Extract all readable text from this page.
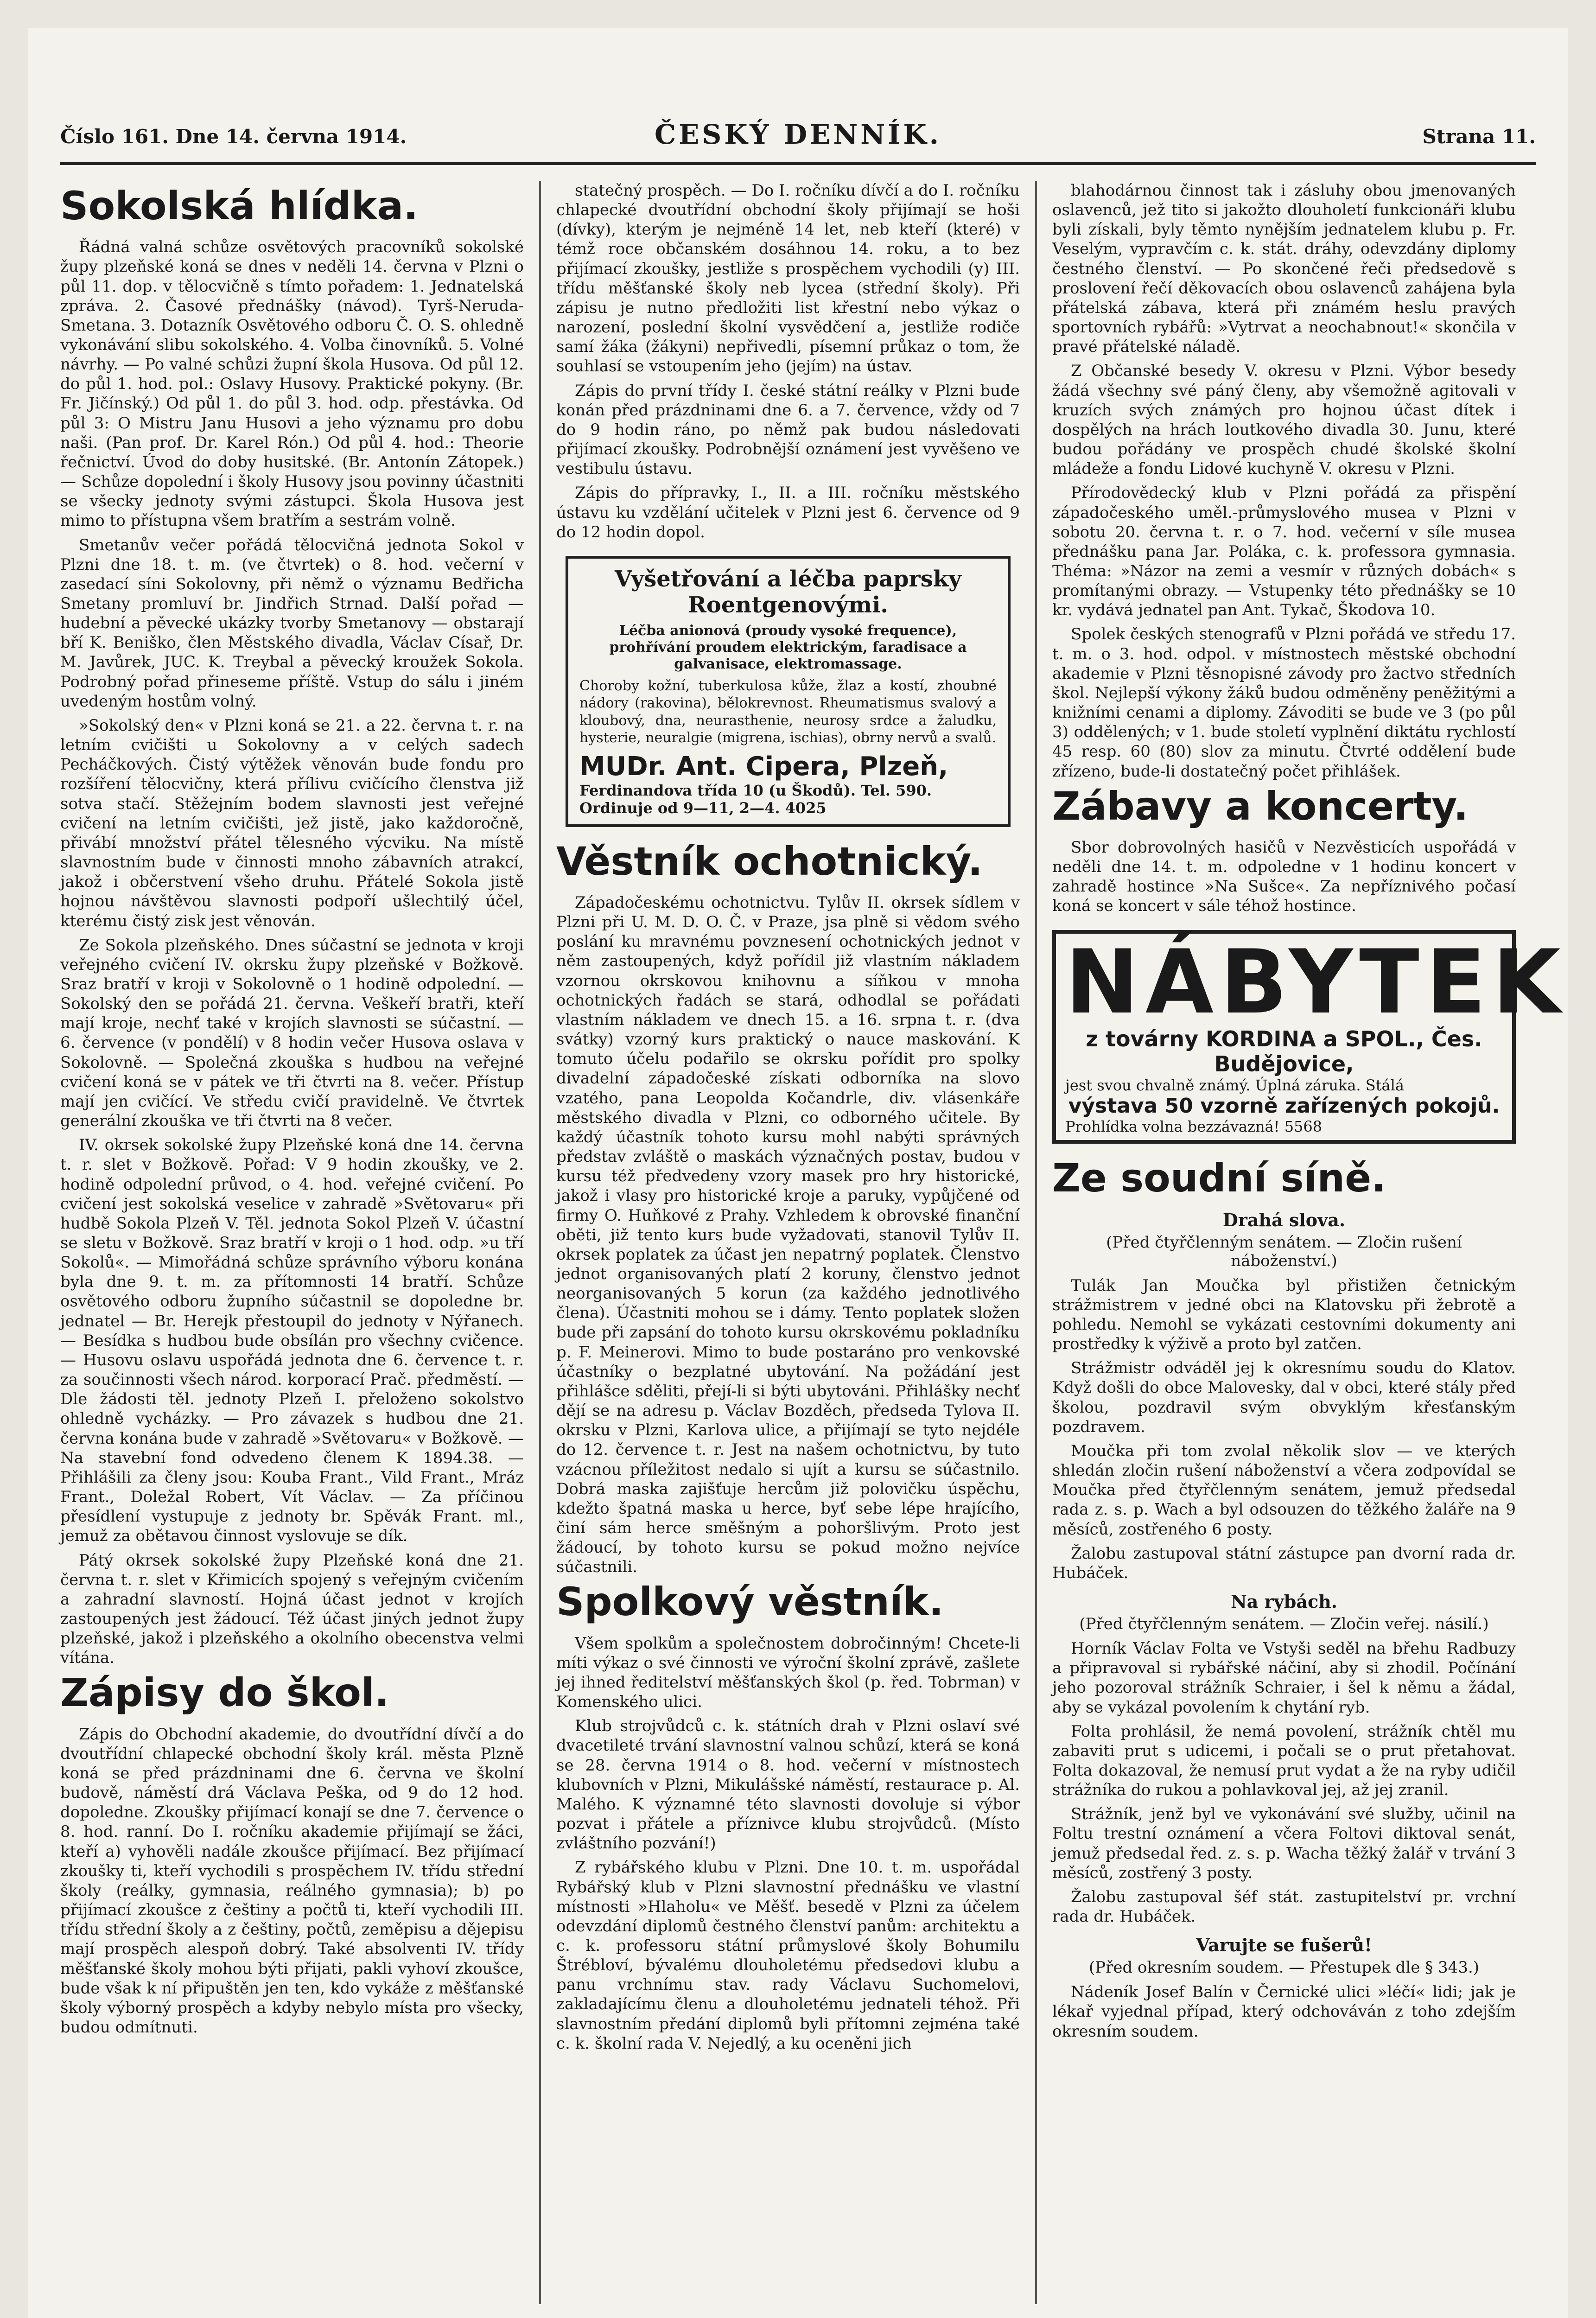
Číslo 161. Dne 14. června 1914.	ČESKÝ DENNÍK.	Strana 11.
Sokolská hlídka.

Řádná valná schůze osvětových pracovníků sokolské župy plzeňské koná se dnes v neděli 14. června v Plzni o půl 11. dop. v tělocvičně s tímto pořadem: 1. Jednatelská zpráva. 2. Časové přednášky (návod). Tyrš-Neruda-Smetana. 3. Dotazník Osvětového odboru Č. O. S. ohledně vykonávání slibu sokolského. 4. Volba činovníků. 5. Volné návrhy. — Po valné schůzi župní škola Husova. Od půl 12. do půl 1. hod. pol.: Oslavy Husovy. Praktické pokyny. (Br. Fr. Jičínský.) Od půl 1. do půl 3. hod. odp. přestávka. Od půl 3: O Mistru Janu Husovi a jeho významu pro dobu naši. (Pan prof. Dr. Karel Rón.) Od půl 4. hod.: Theorie řečnictví. Úvod do doby husitské. (Br. Antonín Zátopek.) — Schůze dopolední i školy Husovy jsou povinny účastniti se všecky jednoty svými zástupci. Škola Husova jest mimo to přístupna všem bratřím a sestrám volně.

Smetanův večer pořádá tělocvičná jednota Sokol v Plzni dne 18. t. m. (ve čtvrtek) o 8. hod. večerní v zasedací síni Sokolovny, při němž o významu Bedřicha Smetany promluví br. Jindřich Strnad. Další pořad — hudební a pěvecké ukázky tvorby Smetanovy — obstarají bří K. Beniško, člen Městského divadla, Václav Císař, Dr. M. Javůrek, JUC. K. Treybal a pěvecký kroužek Sokola. Podrobný pořad přineseme příště. Vstup do sálu i jiném uvedeným hostům volný.

»Sokolský den« v Plzni koná se 21. a 22. června t. r. na letním cvičišti u Sokolovny a v celých sadech Pecháčkových. Čistý výtěžek věnován bude fondu pro rozšíření tělocvičny, která přílivu cvičícího členstva již sotva stačí. Stěžejním bodem slavnosti jest veřejné cvičení na letním cvičišti, jež jistě, jako každoročně, přivábí množství přátel tělesného výcviku. Na místě slavnostním bude v činnosti mnoho zábavních atrakcí, jakož i občerstvení všeho druhu. Přátelé Sokola jistě hojnou návštěvou slavnosti podpoří ušlechtilý účel, kterému čistý zisk jest věnován.

Ze Sokola plzeňského. Dnes súčastní se jednota v kroji veřejného cvičení IV. okrsku župy plzeňské v Božkově. Sraz bratří v kroji v Sokolovně o 1 hodině odpolední. — Sokolský den se pořádá 21. června. Veškeří bratři, kteří mají kroje, nechť také v krojích slavnosti se súčastní. — 6. července (v pondělí) v 8 hodin večer Husova oslava v Sokolovně. — Společná zkouška s hudbou na veřejné cvičení koná se v pátek ve tři čtvrti na 8. večer. Přístup mají jen cvičící. Ve středu cvičí pravidelně. Ve čtvrtek generální zkouška ve tři čtvrti na 8 večer.

IV. okrsek sokolské župy Plzeňské koná dne 14. června t. r. slet v Božkově. Pořad: V 9 hodin zkoušky, ve 2. hodině odpolední průvod, o 4. hod. veřejné cvičení. Po cvičení jest sokolská veselice v zahradě »Světovaru« při hudbě Sokola Plzeň V. Těl. jednota Sokol Plzeň V. účastní se sletu v Božkově. Sraz bratří v kroji o 1 hod. odp. »u tří Sokolů«. — Mimořádná schůze správního výboru konána byla dne 9. t. m. za přítomnosti 14 bratří. Schůze osvětového odboru župního súčastnil se dopoledne br. jednatel — Br. Herejk přestoupil do jednoty v Nýřanech. — Besídka s hudbou bude obsílán pro všechny cvičence. — Husovu oslavu uspořádá jednota dne 6. července t. r. za součinnosti všech národ. korporací Prač. předměstí. — Dle žádosti těl. jednoty Plzeň I. přeloženo sokolstvo ohledně vycházky. — Pro závazek s hudbou dne 21. června konána bude v zahradě »Světovaru« v Božkově. — Na stavební fond odvedeno členem K 1894.38. — Přihlášili za členy jsou: Kouba Frant., Vild Frant., Mráz Frant., Doležal Robert, Vít Václav. — Za příčinou přesídlení vystupuje z jednoty br. Spěvák Frant. ml., jemuž za obětavou činnost vyslovuje se dík.

Pátý okrsek sokolské župy Plzeňské koná dne 21. června t. r. slet v Křimicích spojený s veřejným cvičením a zahradní slavností. Hojná účast jednot v krojích zastoupených jest žádoucí. Též účast jiných jednot župy plzeňské, jakož i plzeňského a okolního obecenstva velmi vítána.

Zápisy do škol.

Zápis do Obchodní akademie, do dvoutřídní dívčí a do dvoutřídní chlapecké obchodní školy král. města Plzně koná se před prázdninami dne 6. června ve školní budově, náměstí drá Václava Peška, od 9 do 12 hod. dopoledne. Zkoušky přijímací konají se dne 7. července o 8. hod. ranní. Do I. ročníku akademie přijímají se žáci, kteří a) vyhověli nadále zkoušce přijímací. Bez přijímací zkoušky ti, kteří vychodili s prospěchem IV. třídu střední školy (reálky, gymnasia, reálného gymnasia); b) po přijímací zkoušce z češtiny a počtů ti, kteří vychodili III. třídu střední školy a z češtiny, počtů, zeměpisu a dějepisu mají prospěch alespoň dobrý. Také absolventi IV. třídy měšťanské školy mohou býti přijati, pakli vyhoví zkoušce, bude však k ní připuštěn jen ten, kdo vykáže z měšťanské školy výborný prospěch a kdyby nebylo místa pro všecky, budou odmítnuti.

statečný prospěch. — Do I. ročníku dívčí a do I. ročníku chlapecké dvoutřídní obchodní školy přijímají se hoši (dívky), kterým je nejméně 14 let, neb kteří (které) v témž roce občanském dosáhnou 14. roku, a to bez přijímací zkoušky, jestliže s prospěchem vychodili (y) III. třídu měšťanské školy neb lycea (střední školy). Při zápisu je nutno předložiti list křestní nebo výkaz o narození, poslední školní vysvědčení a, jestliže rodiče samí žáka (žákyni) nepřivedli, písemní průkaz o tom, že souhlasí se vstoupením jeho (jejím) na ústav.

Zápis do první třídy I. české státní reálky v Plzni bude konán před prázdninami dne 6. a 7. července, vždy od 7 do 9 hodin ráno, po němž pak budou následovati přijímací zkoušky. Podrobnější oznámení jest vyvěšeno ve vestibulu ústavu.

Zápis do přípravky, I., II. a III. ročníku městského ústavu ku vzdělání učitelek v Plzni jest 6. července od 9 do 12 hodin dopol.

Vyšetřování a léčba paprsky Roentgenovými.
Léčba anionová (proudy vysoké frequence), prohřívání proudem elektrickým, faradisace a galvanisace, elektromassage.
Choroby kožní, tuberkulosa kůže, žlaz a kostí, zhoubné nádory (rakovina), bělokrevnost. Rheumatismus svalový a kloubový, dna, neurasthenie, neurosy srdce a žaludku, hysterie, neuralgie (migrena, ischias), obrny nervů a svalů.
MUDr. Ant. Cipera, Plzeň,
Ferdinandova třída 10 (u Škodů). Tel. 590.
Ordinuje od 9—11, 2—4. 4025
Věstník ochotnický.

Západočeskému ochotnictvu. Tylův II. okrsek sídlem v Plzni při U. M. D. O. Č. v Praze, jsa plně si vědom svého poslání ku mravnému povznesení ochotnických jednot v něm zastoupených, když pořídil již vlastním nákladem vzornou okrskovou knihovnu a síňkou v mnoha ochotnických řadách se stará, odhodlal se pořádati vlastním nákladem ve dnech 15. a 16. srpna t. r. (dva svátky) vzorný kurs praktický o nauce maskování. K tomuto účelu podařilo se okrsku pořídit pro spolky divadelní západočeské získati odborníka na slovo vzatého, pana Leopolda Kočandrle, div. vlásenkáře městského divadla v Plzni, co odborného učitele. By každý účastník tohoto kursu mohl nabýti správných představ zvláště o maskách význačných postav, budou v kursu též předvedeny vzory masek pro hry historické, jakož i vlasy pro historické kroje a paruky, vypůjčené od firmy O. Huňkové z Prahy. Vzhledem k obrovské finanční oběti, již tento kurs bude vyžadovati, stanovil Tylův II. okrsek poplatek za účast jen nepatrný poplatek. Členstvo jednot organisovaných platí 2 koruny, členstvo jednot neorganisovaných 5 korun (za každého jednotlivého člena). Účastniti mohou se i dámy. Tento poplatek složen bude při zapsání do tohoto kursu okrskovému pokladníku p. F. Meinerovi. Mimo to bude postaráno pro venkovské účastníky o bezplatné ubytování. Na požádání jest přihlášce sděliti, přejí-li si býti ubytováni. Přihlášky nechť dějí se na adresu p. Václav Bozděch, předseda Tylova II. okrsku v Plzni, Karlova ulice, a přijímají se tyto nejdéle do 12. července t. r. Jest na našem ochotnictvu, by tuto vzácnou příležitost nedalo si ujít a kursu se súčastnilo. Dobrá maska zajišťuje hercům již polovičku úspěchu, kdežto špatná maska u herce, byť sebe lépe hrajícího, činí sám herce směšným a pohoršlivým. Proto jest žádoucí, by tohoto kursu se pokud možno nejvíce súčastnili.

Spolkový věstník.

Všem spolkům a společnostem dobročinným! Chcete-li míti výkaz o své činnosti ve výroční školní zprávě, zašlete jej ihned ředitelství měšťanských škol (p. řed. Tobrman) v Komenského ulici.

Klub strojvůdců c. k. státních drah v Plzni oslaví své dvacetileté trvání slavnostní valnou schůzí, která se koná se 28. června 1914 o 8. hod. večerní v místnostech klubovních v Plzni, Mikulášské náměstí, restaurace p. Al. Malého. K významné této slavnosti dovoluje si výbor pozvat i přátele a příznivce klubu strojvůdců. (Místo zvláštního pozvání!)

Z rybářského klubu v Plzni. Dne 10. t. m. uspořádal Rybářský klub v Plzni slavnostní přednášku ve vlastní místnosti »Hlaholu« ve Měšť. besedě v Plzni za účelem odevzdání diplomů čestného členství panům: architektu a c. k. professoru státní průmyslové školy Bohumilu Štrébloví, bývalému dlouholetému předsedovi klubu a panu vrchnímu stav. rady Václavu Suchomelovi, zakladajícímu členu a dlouholetému jednateli téhož. Při slavnostním předání diplomů byli přítomni zejména také c. k. školní rada V. Nejedlý, a ku oceněni jich

blahodárnou činnost tak i zásluhy obou jmenovaných oslavenců, jež tito si jakožto dlouholetí funkcionáři klubu byli získali, byly těmto nynějším jednatelem klubu p. Fr. Veselým, vypravčím c. k. stát. dráhy, odevzdány diplomy čestného členství. — Po skončené řeči předsedově s proslovení řečí děkovacích obou oslavenců zahájena byla přátelská zábava, která při známém heslu pravých sportovních rybářů: »Vytrvat a neochabnout!« skončila v pravé přátelské náladě.

Z Občanské besedy V. okresu v Plzni. Výbor besedy žádá všechny své páný členy, aby všemožně agitovali v kruzích svých známých pro hojnou účast dítek i dospělých na hrách loutkového divadla 30. Junu, které budou pořádány ve prospěch chudé školské školní mládeže a fondu Lidové kuchyně V. okresu v Plzni.

Přírodovědecký klub v Plzni pořádá za přispění západočeského uměl.-průmyslového musea v Plzni v sobotu 20. června t. r. o 7. hod. večerní v síle musea přednášku pana Jar. Poláka, c. k. professora gymnasia. Théma: »Názor na zemi a vesmír v různých dobách« s promítanými obrazy. — Vstupenky této přednášky se 10 kr. vydává jednatel pan Ant. Tykač, Škodova 10.

Spolek českých stenografů v Plzni pořádá ve středu 17. t. m. o 3. hod. odpol. v místnostech městské obchodní akademie v Plzni těsnopisné závody pro žactvo středních škol. Nejlepší výkony žáků budou odměněny peněžitými a knižními cenami a diplomy. Závoditi se bude ve 3 (po půl 3) oddělených; v 1. bude století vyplnění diktátu rychlostí 45 resp. 60 (80) slov za minutu. Čtvrté oddělení bude zřízeno, bude-li dostatečný počet přihlášek.

Zábavy a koncerty.

Sbor dobrovolných hasičů v Nezvěsticích uspořádá v neděli dne 14. t. m. odpoledne v 1 hodinu koncert v zahradě hostince »Na Sušce«. Za nepříznivého počasí koná se koncert v sále téhož hostince.

NÁBYTEK
z továrny KORDINA a SPOL., Čes. Budějovice,
jest svou chvalně známý. Úplná záruka. Stálá
výstava 50 vzorně zařízených pokojů.
Prohlídka volna bezzávazná! 5568
Ze soudní síně.
Drahá slova.

(Před čtyřčlenným senátem. — Zločin rušení náboženství.)

Tulák Jan Moučka byl přistižen četnickým strážmistrem v jedné obci na Klatovsku při žebrotě a pohledu. Nemohl se vykázati cestovními dokumenty ani prostředky k výživě a proto byl zatčen.

Strážmistr odváděl jej k okresnímu soudu do Klatov. Když došli do obce Malovesky, dal v obci, které stály před školou, pozdravil svým obvyklým křesťanským pozdravem.

Moučka při tom zvolal několik slov — ve kterých shledán zločin rušení náboženství a včera zodpovídal se Moučka před čtyřčlenným senátem, jemuž předsedal rada z. s. p. Wach a byl odsouzen do těžkého žaláře na 9 měsíců, zostřeného 6 posty.

Žalobu zastupoval státní zástupce pan dvorní rada dr. Hubáček.

Na rybách.

(Před čtyřčlenným senátem. — Zločin veřej. násilí.)

Horník Václav Folta ve Vstyši seděl na břehu Radbuzy a připravoval si rybářské náčiní, aby si zhodil. Počínání jeho pozoroval strážník Schraier, i šel k němu a žádal, aby se vykázal povolením k chytání ryb.

Folta prohlásil, že nemá povolení, strážník chtěl mu zabaviti prut s udicemi, i počali se o prut přetahovat. Folta dokazoval, že nemusí prut vydat a že na ryby udičil strážníka do rukou a pohlavkoval jej, až jej zranil.

Strážník, jenž byl ve vykonávání své služby, učinil na Foltu trestní oznámení a včera Foltovi diktoval senát, jemuž předsedal řed. z. s. p. Wacha těžký žalář v trvání 3 měsíců, zostřený 3 posty.

Žalobu zastupoval šéf stát. zastupitelství pr. vrchní rada dr. Hubáček.

Varujte se fušerů!

(Před okresním soudem. — Přestupek dle § 343.)

Nádeník Josef Balín v Černické ulici »léčí« lidi; jak je lékař vyjednal případ, který odchováván z toho zdejším okresním soudem.
